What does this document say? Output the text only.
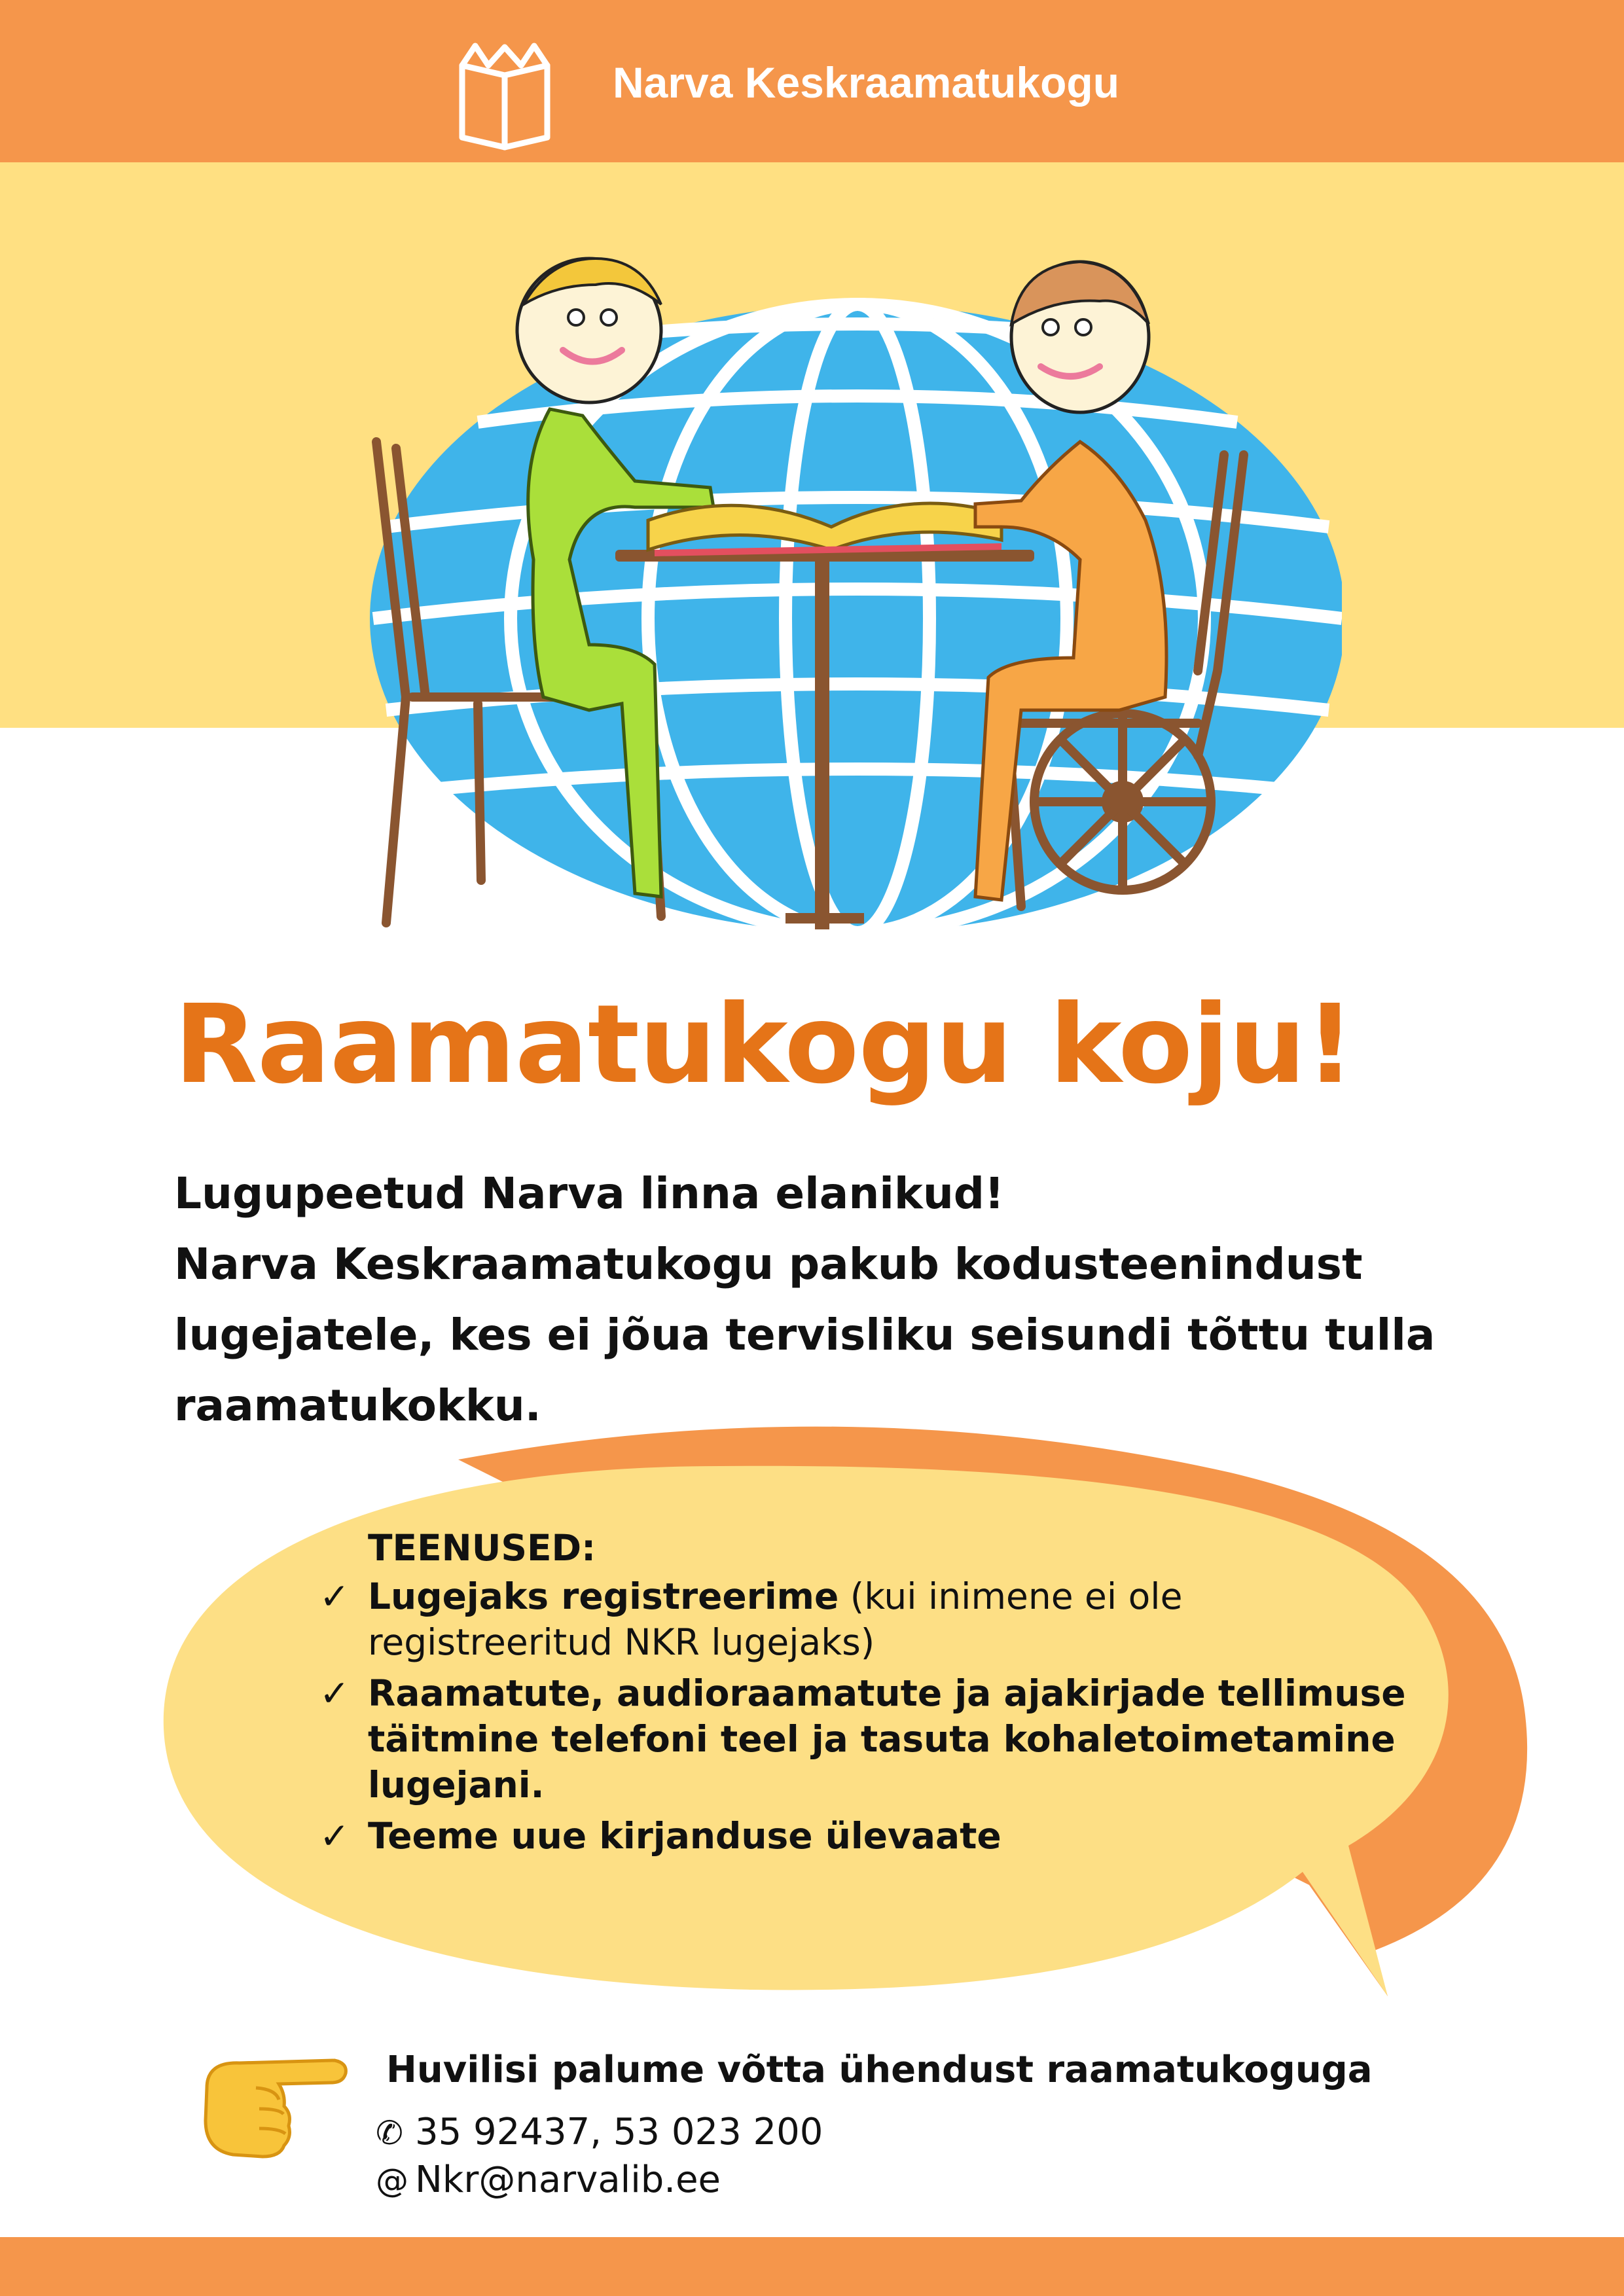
Narva Keskraamatukogu
Raamatukogu koju!

Lugupeetud Narva linna elanikud!

Narva Keskraamatukogu pakub kodusteenindust lugejatele, kes ei jõua tervisliku seisundi tõttu tulla raamatukokku.

TEENUSED:
✓ Lugejaks registreerime (kui inimene ei ole registreeritud NKR lugejaks)
✓ Raamatute, audioraamatute ja ajakirjade tellimuse täitmine telefoni teel ja tasuta kohaletoimetamine lugejani.
✓ Teeme uue kirjanduse ülevaate
Huvilisi palume võtta ühendust raamatukoguga
✆ 35 92437, 53 023 200
@ Nkr@narvalib.ee
